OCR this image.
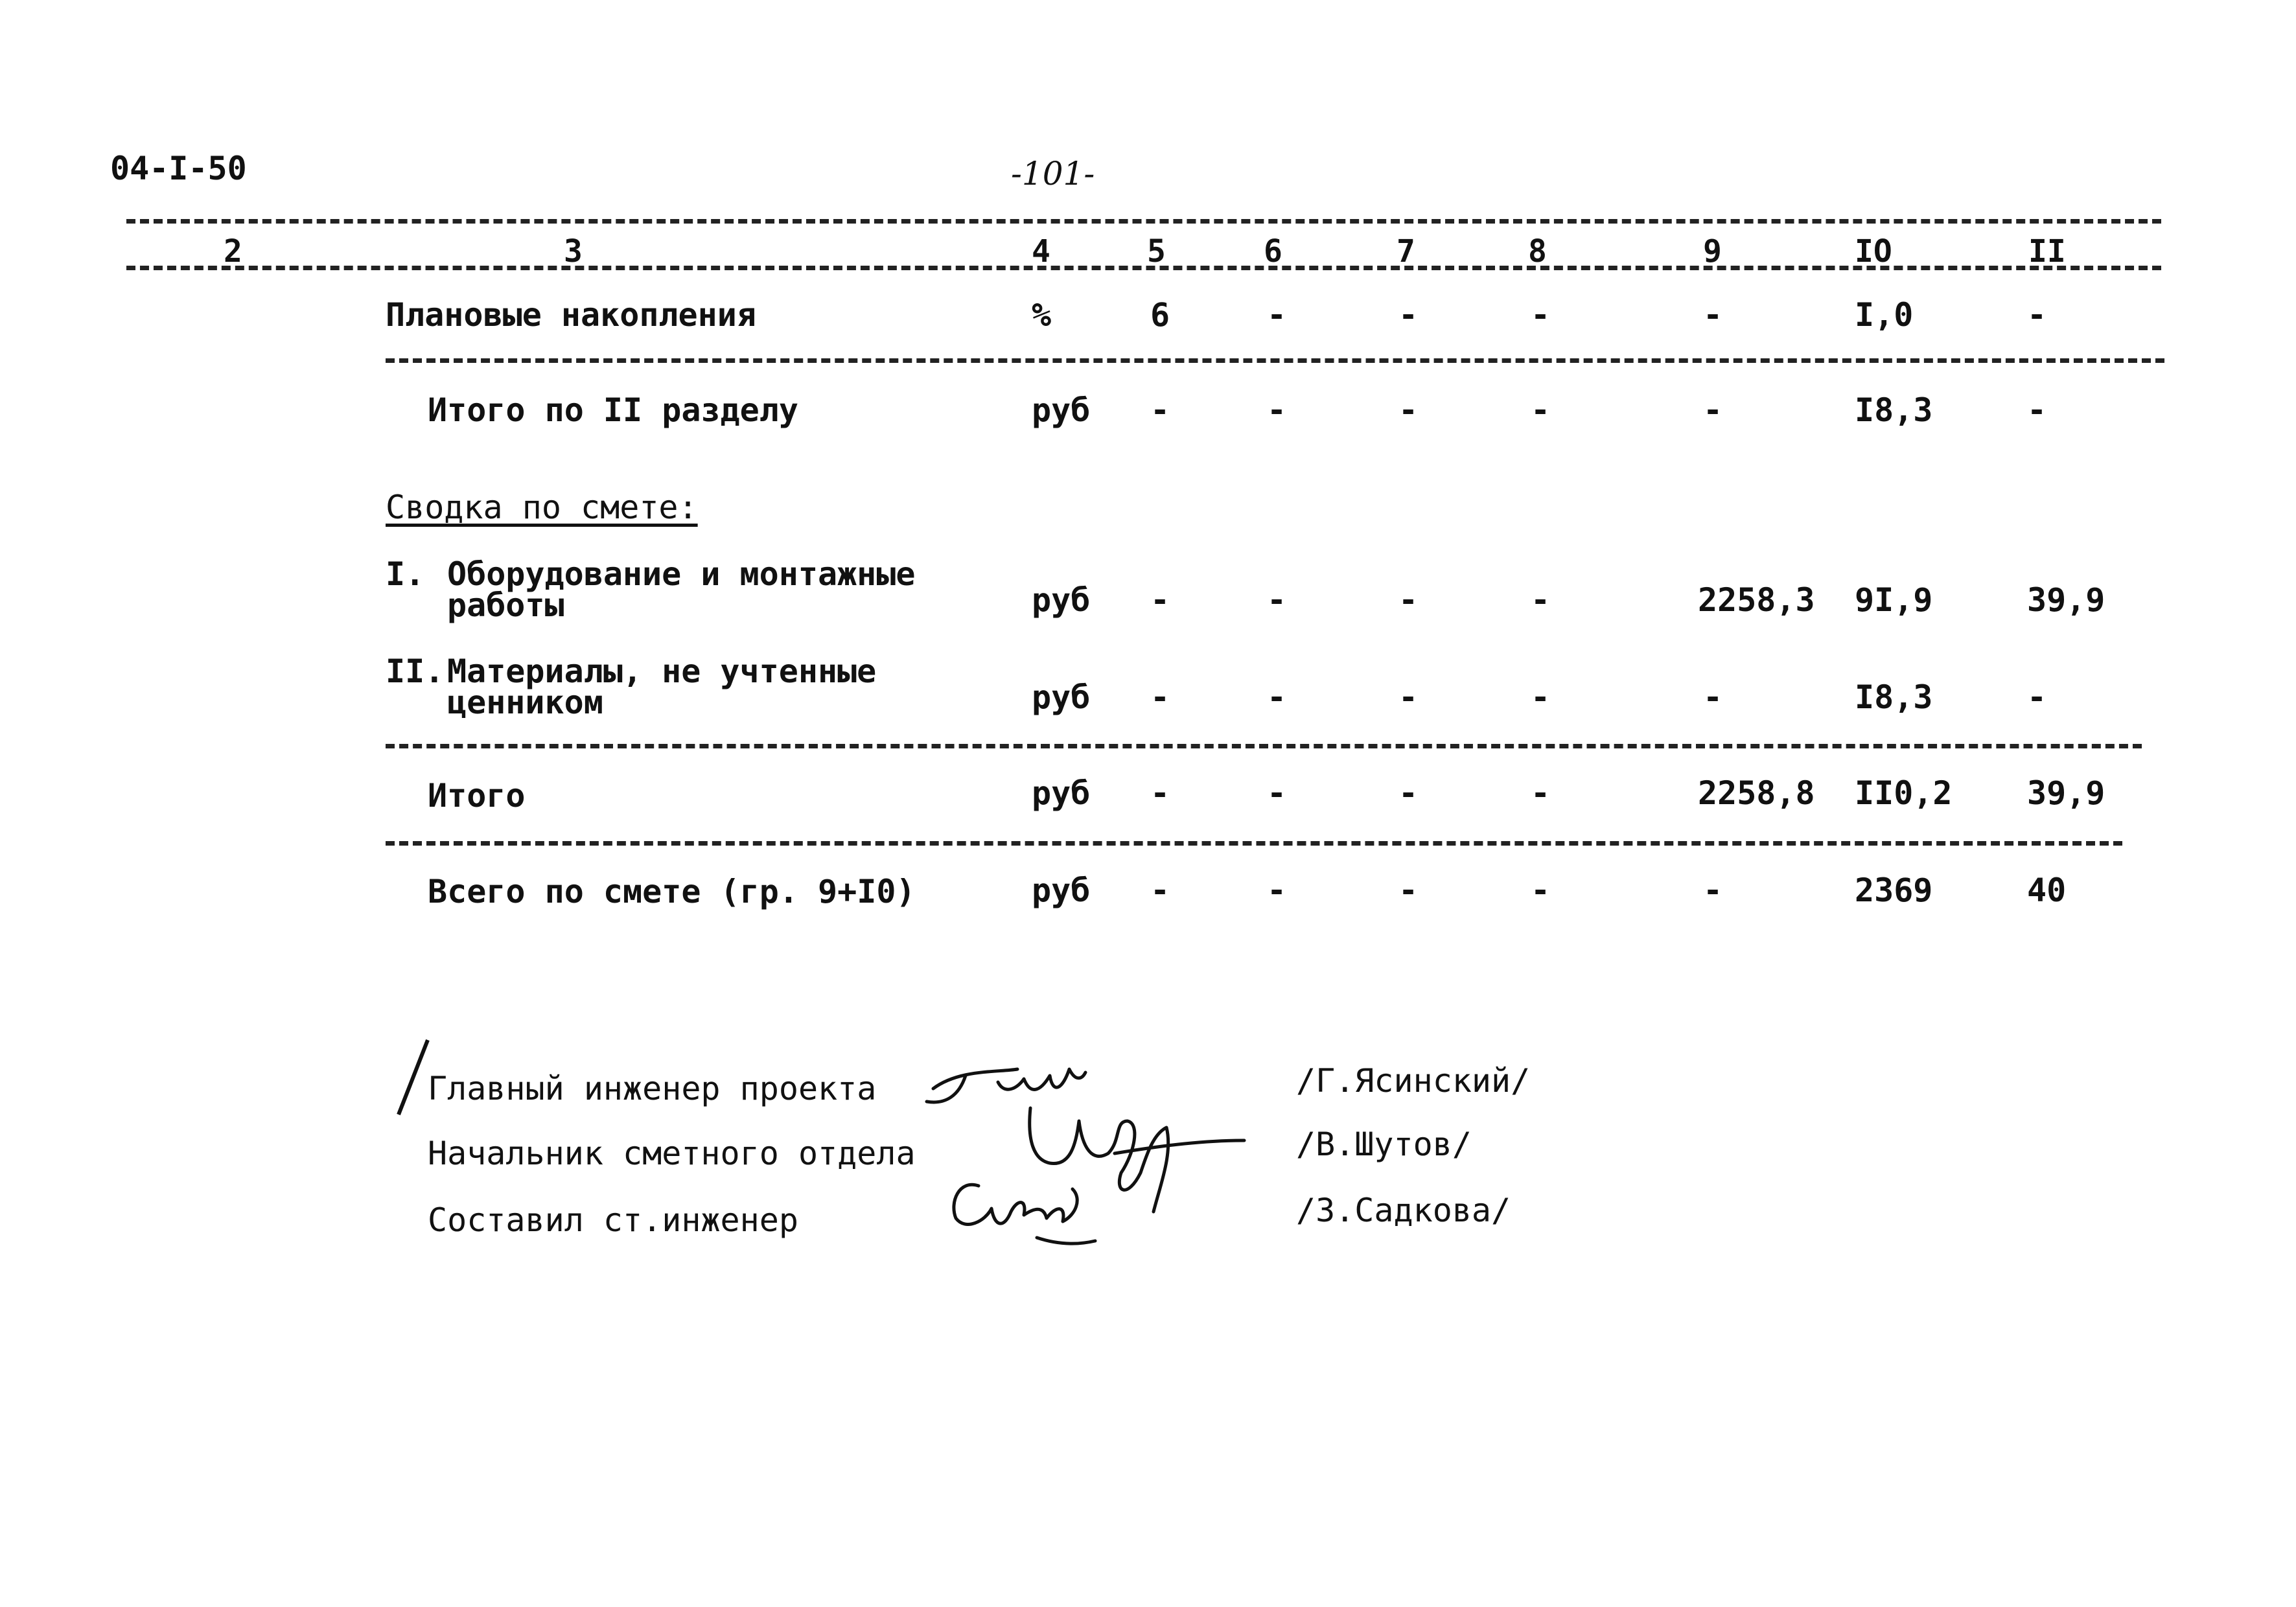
04-I-50	-101-
2	3	4	5	6	7	8	9	IO	II
Плановые накопления	%	6	-	-	-	-	I,0	-
Итого по II разделу	руб -	-	-	-	-	I8,3	-
Сводка по смете:
I. Оборудование и монтажные
работы	руб -	-	-	-	2258,3 9I,9	39,9
II. Материалы, не учтенные
ценником	руб -	-	-	-	-	I8,3	-
Итого	руб -	-	-	-	2258,8 II0,2 39,9
Всего по смете (гр. 9+I0)	руб -	-	-	-	-	2369	40
Главный инженер проекта
Начальник сметного отдела
Составил ст.инженер
/Г.Ясинский/
/В.Шутов/
/З.Садкова/
